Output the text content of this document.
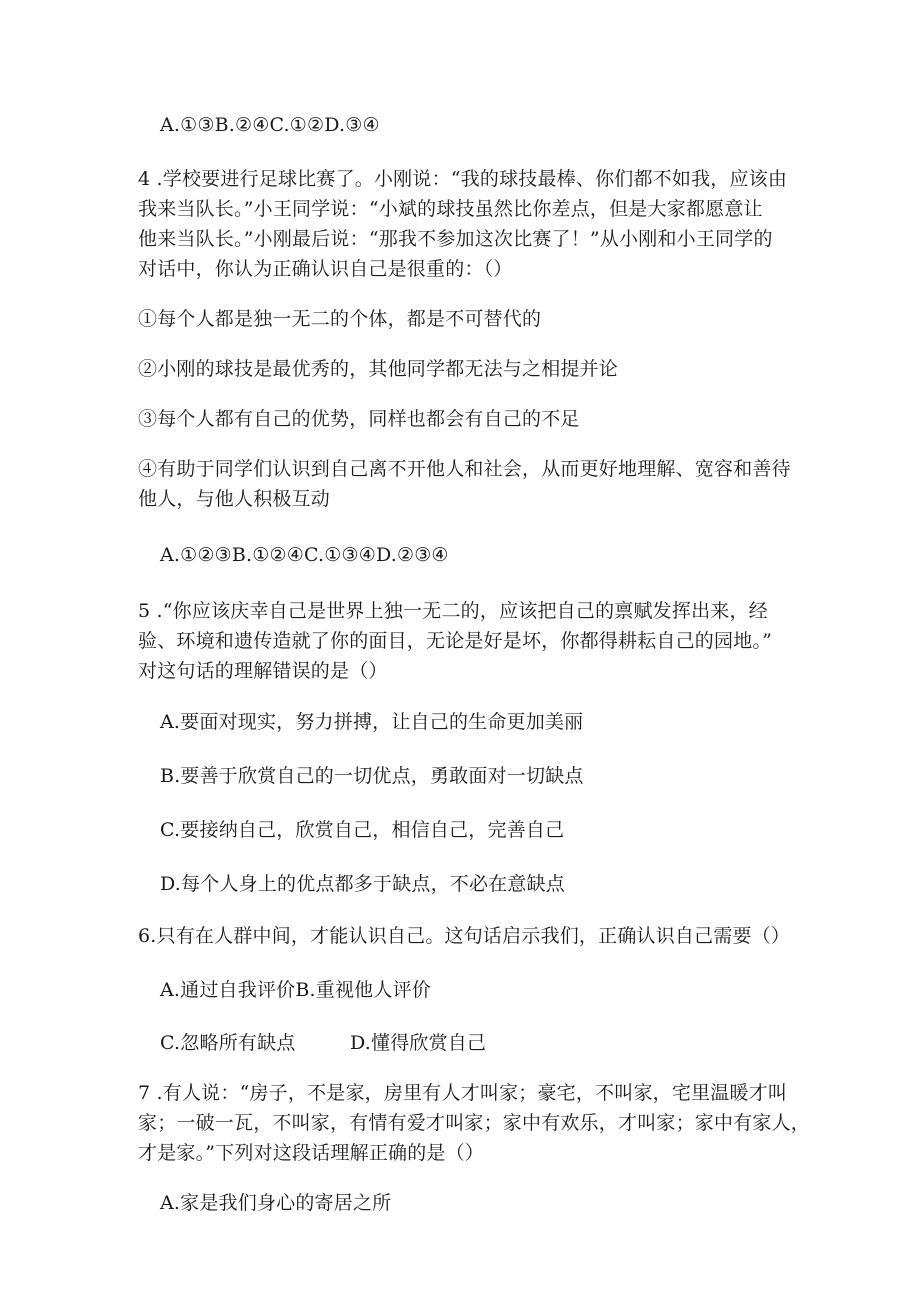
A.①③B.②④C.①②D.③④
4 .学校要进行足球比赛了。小刚说：“我的球技最棒、你们都不如我，应该由
我来当队长。”小王同学说：“小斌的球技虽然比你差点，但是大家都愿意让
他来当队长。”小刚最后说：“那我不参加这次比赛了！”从小刚和小王同学的
对话中，你认为正确认识自己是很重的：（）
①每个人都是独一无二的个体，都是不可替代的
②小刚的球技是最优秀的，其他同学都无法与之相提并论
③每个人都有自己的优势，同样也都会有自己的不足
④有助于同学们认识到自己离不开他人和社会，从而更好地理解、宽容和善待
他人，与他人积极互动
A.①②③B.①②④C.①③④D.②③④
5 .“你应该庆幸自己是世界上独一无二的，应该把自己的禀赋发挥出来，经
验、环境和遗传造就了你的面目，无论是好是坏，你都得耕耘自己的园地。”
对这句话的理解错误的是（）
A.要面对现实，努力拼搏，让自己的生命更加美丽
B.要善于欣赏自己的一切优点，勇敢面对一切缺点
C.要接纳自己，欣赏自己，相信自己，完善自己
D.每个人身上的优点都多于缺点，不必在意缺点
6.只有在人群中间，才能认识自己。这句话启示我们，正确认识自己需要（）
A.通过自我评价B.重视他人评价
C.忽略所有缺点	D.懂得欣赏自己
7 .有人说：“房子，不是家，房里有人才叫家；豪宅，不叫家，宅里温暖才叫
家；一破一瓦，不叫家，有情有爱才叫家；家中有欢乐，才叫家；家中有家人，
才是家。”下列对这段话理解正确的是（）
A.家是我们身心的寄居之所
